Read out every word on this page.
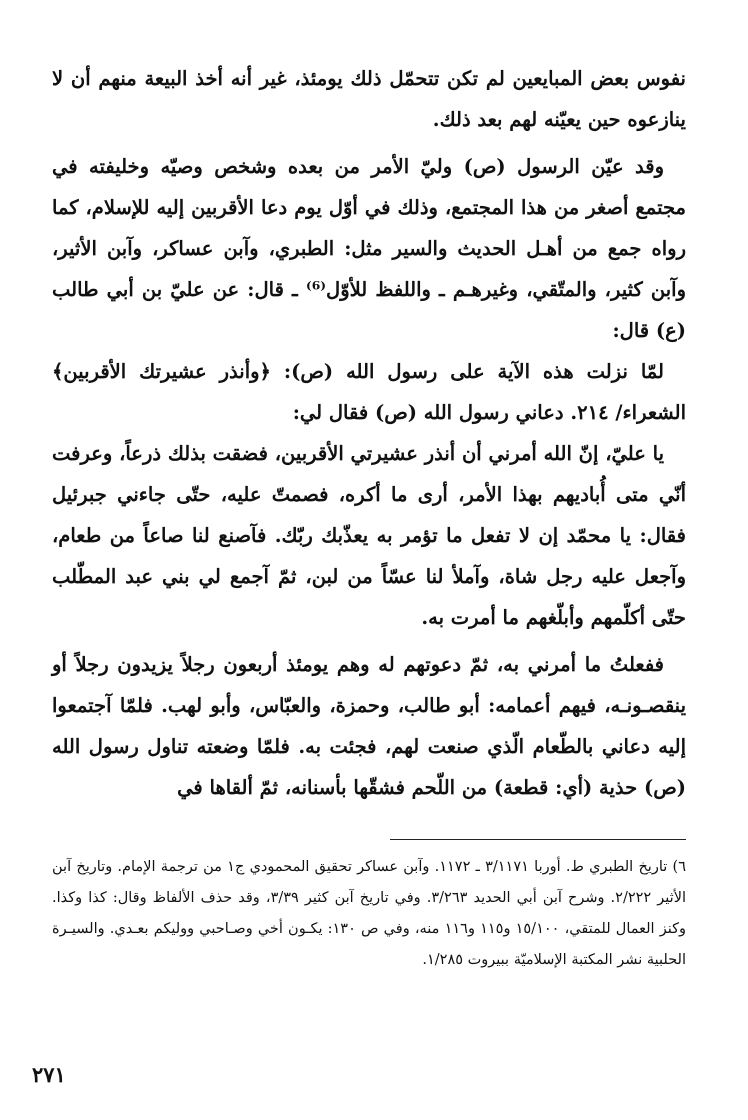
نفوس بعض المبايعين لم تكن تتحمّل ذلك يومئذ، غير أنه أخذ البيعة منهم أن لا ينازعوه حين يعيّنه لهم بعد ذلك.

وقد عيّن الرسول (ص) وليّ الأمر من بعده وشخص وصيّه وخليفته في مجتمع أصغر من هذا المجتمع، وذلك في أوّل يوم دعا الأقربين إليه للإسلام، كما رواه جمع من أهـل الحديث والسير مثل: الطبري، وآبن عساكر، وآبن الأثير، وآبن كثير، والمتّقي، وغيرهـم ـ واللفظ للأوّل⁽⁶⁾ ـ قال: عن عليّ بن أبي طالب (ع) قال:

لمّا نزلت هذه الآية على رسول الله (ص): ﴿وأنذر عشيرتك الأقربين﴾ الشعراء/ ٢١٤. دعاني رسول الله (ص) فقال لي:

يا عليّ، إنّ الله أمرني أن أنذر عشيرتي الأقربين، فضقت بذلك ذرعاً، وعرفت أنّي متى أُباديهم بهذا الأمر، أرى ما أكره، فصمتّ عليه، حتّى جاءني جبرئيل فقال: يا محمّد إن لا تفعل ما تؤمر به يعذّبك ربّك. فآصنع لنا صاعاً من طعام، وآجعل عليه رجل شاة، وآملأ لنا عسّاً من لبن، ثمّ آجمع لي بني عبد المطّلب حتّى أكلّمهم وأبلّغهم ما أمرت به.

ففعلتُ ما أمرني به، ثمّ دعوتهم له وهم يومئذ أربعون رجلاً يزيدون رجلاً أو ينقصـونـه، فيهم أعمامه: أبو طالب، وحمزة، والعبّاس، وأبو لهب. فلمّا آجتمعوا إليه دعاني بالطّعام الّذي صنعت لهم، فجئت به. فلمّا وضعته تناول رسول الله (ص) حذية (أي: قطعة) من اللّحم فشقّها بأسنانه، ثمّ ألقاها في

٦) تاريخ الطبري ط. أوربا ٣/١١٧١ ـ ١١٧٢. وآبن عساكر تحقيق المحمودي ج١ من ترجمة الإمام. وتاريخ آبن الأثير ٢/٢٢٢. وشرح آبن أبي الحديد ٣/٢٦٣. وفي تاريخ آبن كثير ٣/٣٩، وقد حذف الألفاظ وقال: كذا وكذا. وكنز العمال للمتقي، ١٥/١٠٠ و١١٥ و١١٦ منه، وفي ص ١٣٠: يكـون أخي وصـاحبي ووليكم بعـدي. والسيـرة الحلبية نشر المكتبة الإسلاميّة ببيروت ١/٢٨٥.

٢٧١
